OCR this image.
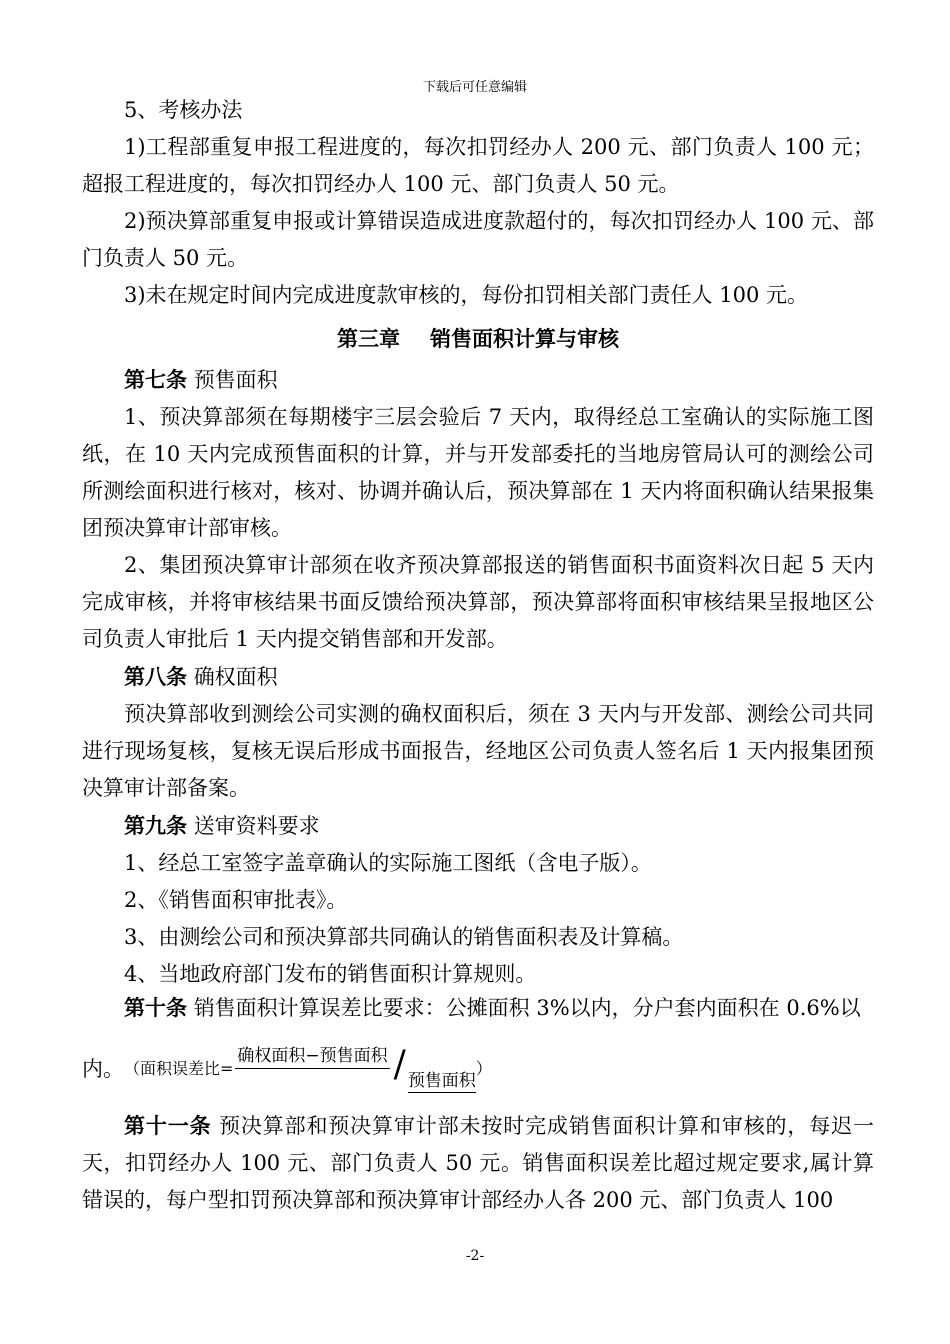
下载后可任意编辑

5、考核办法

1)工程部重复申报工程进度的，每次扣罚经办人 200 元、部门负责人 100 元；超报工程进度的，每次扣罚经办人 100 元、部门负责人 50 元。

2)预决算部重复申报或计算错误造成进度款超付的，每次扣罚经办人 100 元、部门负责人 50 元。

3)未在规定时间内完成进度款审核的，每份扣罚相关部门责任人 100 元。

第三章 销售面积计算与审核

第七条 预售面积

1、预决算部须在每期楼宇三层会验后 7 天内，取得经总工室确认的实际施工图纸，在 10 天内完成预售面积的计算，并与开发部委托的当地房管局认可的测绘公司所测绘面积进行核对，核对、协调并确认后，预决算部在 1 天内将面积确认结果报集团预决算审计部审核。

2、集团预决算审计部须在收齐预决算部报送的销售面积书面资料次日起 5 天内完成审核，并将审核结果书面反馈给预决算部，预决算部将面积审核结果呈报地区公司负责人审批后 1 天内提交销售部和开发部。

第八条 确权面积

预决算部收到测绘公司实测的确权面积后，须在 3 天内与开发部、测绘公司共同进行现场复核，复核无误后形成书面报告，经地区公司负责人签名后 1 天内报集团预决算审计部备案。

第九条 送审资料要求

1、经总工室签字盖章确认的实际施工图纸（含电子版）。

2、《销售面积审批表》。

3、由测绘公司和预决算部共同确认的销售面积表及计算稿。

4、当地政府部门发布的销售面积计算规则。

第十条 销售面积计算误差比要求：公摊面积 3%以内，分户套内面积在 0.6%以

内。 （面积误差比=
确权面积−预售面积 / 预售面积
）

第十一条 预决算部和预决算审计部未按时完成销售面积计算和审核的，每迟一天，扣罚经办人 100 元、部门负责人 50 元。销售面积误差比超过规定要求,属计算错误的，每户型扣罚预决算部和预决算审计部经办人各 200 元、部门负责人 100

-2-
